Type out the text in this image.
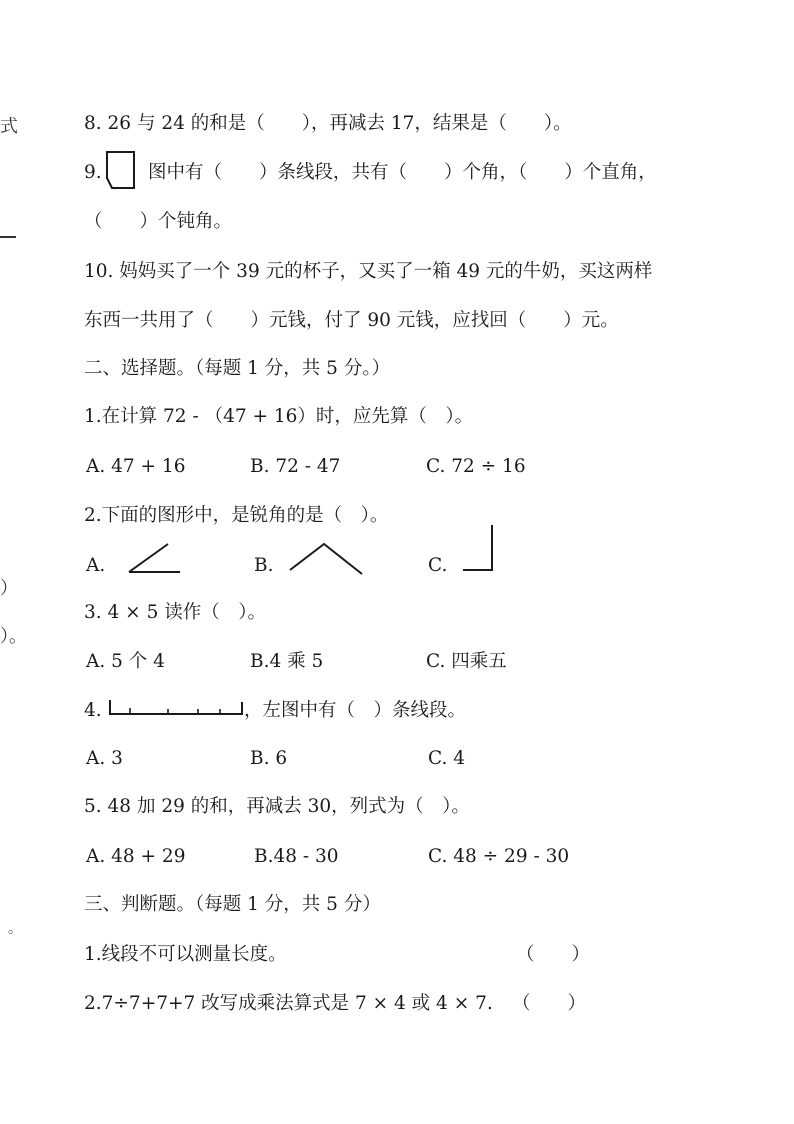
式
）
）。
。
8. 26 与 24 的和是（　　），再减去 17，结果是（　　）。
9.	图中有（　　）条线段，共有（　　）个角，（　　）个直角，
（　　）个钝角。
10. 妈妈买了一个 39 元的杯子，又买了一箱 49 元的牛奶，买这两样
东西一共用了（　　）元钱，付了 90 元钱，应找回（　　）元。
二、选择题。（每题 1 分，共 5 分。）
1.在计算 72 - （47 + 16）时，应先算（　）。
A. 47 + 16	B. 72 - 47	C. 72 ÷ 16
2.下面的图形中，是锐角的是（　）。
A.	B.	C.
3. 4 × 5 读作（　）。
A. 5 个 4	B.4 乘 5	C. 四乘五
4.	，左图中有（　）条线段。
A. 3	B. 6	C. 4
5. 48 加 29 的和，再减去 30，列式为（　）。
A. 48 + 29	B.48 - 30	C. 48 ÷ 29 - 30
三、判断题。（每题 1 分，共 5 分）
1.线段不可以测量长度。	（　　）
2.7÷7+7+7 改写成乘法算式是 7 × 4 或 4 × 7. （　　）
